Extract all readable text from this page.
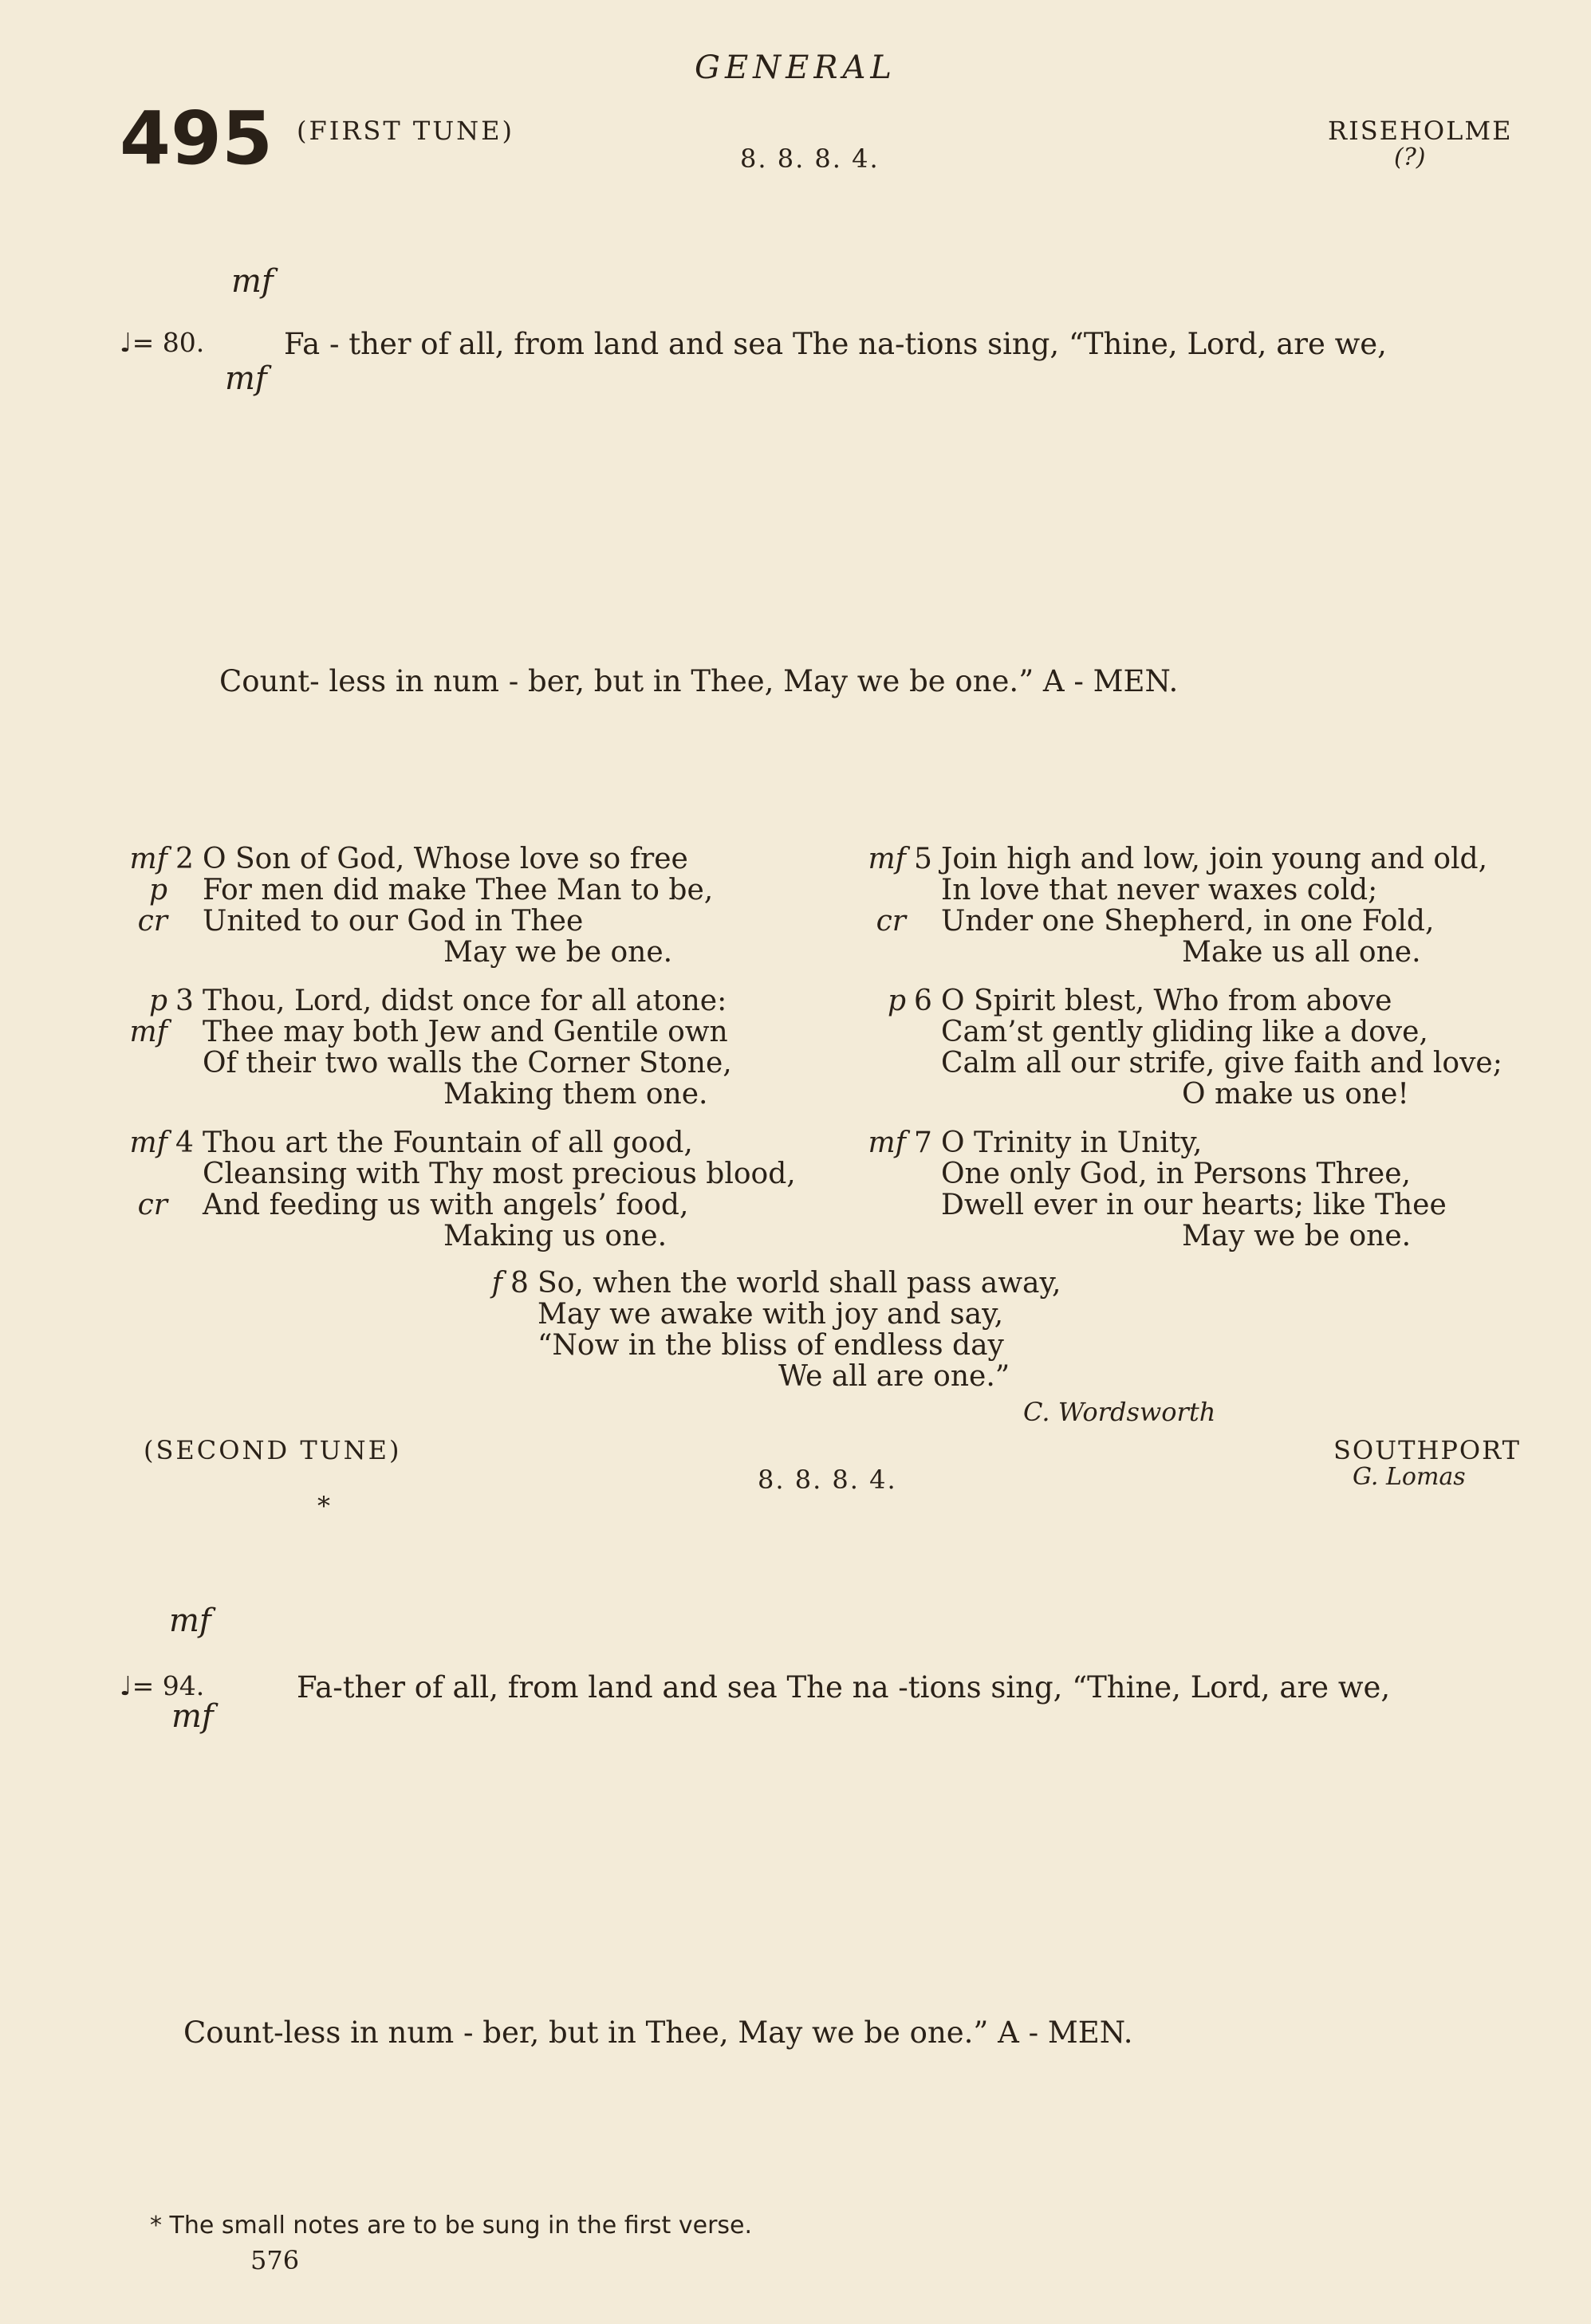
GENERAL
495 (FIRST TUNE)
8. 8. 8. 4.
RISEHOLME
(?)
mf
♩= 80.
mf
Fa - ther of all, from land and sea The na-tions sing, “Thine, Lord, are we,
Count- less in num - ber, but in Thee, May we be one.” A - MEN.
mf 2 O Son of God, Whose love so free
p For men did make Thee Man to be,
cr United to our God in Thee
May we be one.
p 3 Thou, Lord, didst once for all atone:
mf Thee may both Jew and Gentile own
Of their two walls the Corner Stone,
Making them one.
mf 4 Thou art the Fountain of all good,
Cleansing with Thy most precious blood,
cr And feeding us with angels’ food,
Making us one.
mf 5 Join high and low, join young and old,
In love that never waxes cold;
cr Under one Shepherd, in one Fold,
Make us all one.
p 6 O Spirit blest, Who from above
Cam’st gently gliding like a dove,
Calm all our strife, give faith and love;
O make us one!
mf 7 O Trinity in Unity,
One only God, in Persons Three,
Dwell ever in our hearts; like Thee
May we be one.
f 8 So, when the world shall pass away,
May we awake with joy and say,
“Now in the bliss of endless day
We all are one.”
C. Wordsworth
(SECOND TUNE)
8. 8. 8. 4.
SOUTHPORT
G. Lomas
*
mf
♩= 94.
mf
Fa-ther of all, from land and sea The na -tions sing, “Thine, Lord, are we,
Count-less in num - ber, but in Thee, May we be one.” A - MEN.
* The small notes are to be sung in the first verse.
576
